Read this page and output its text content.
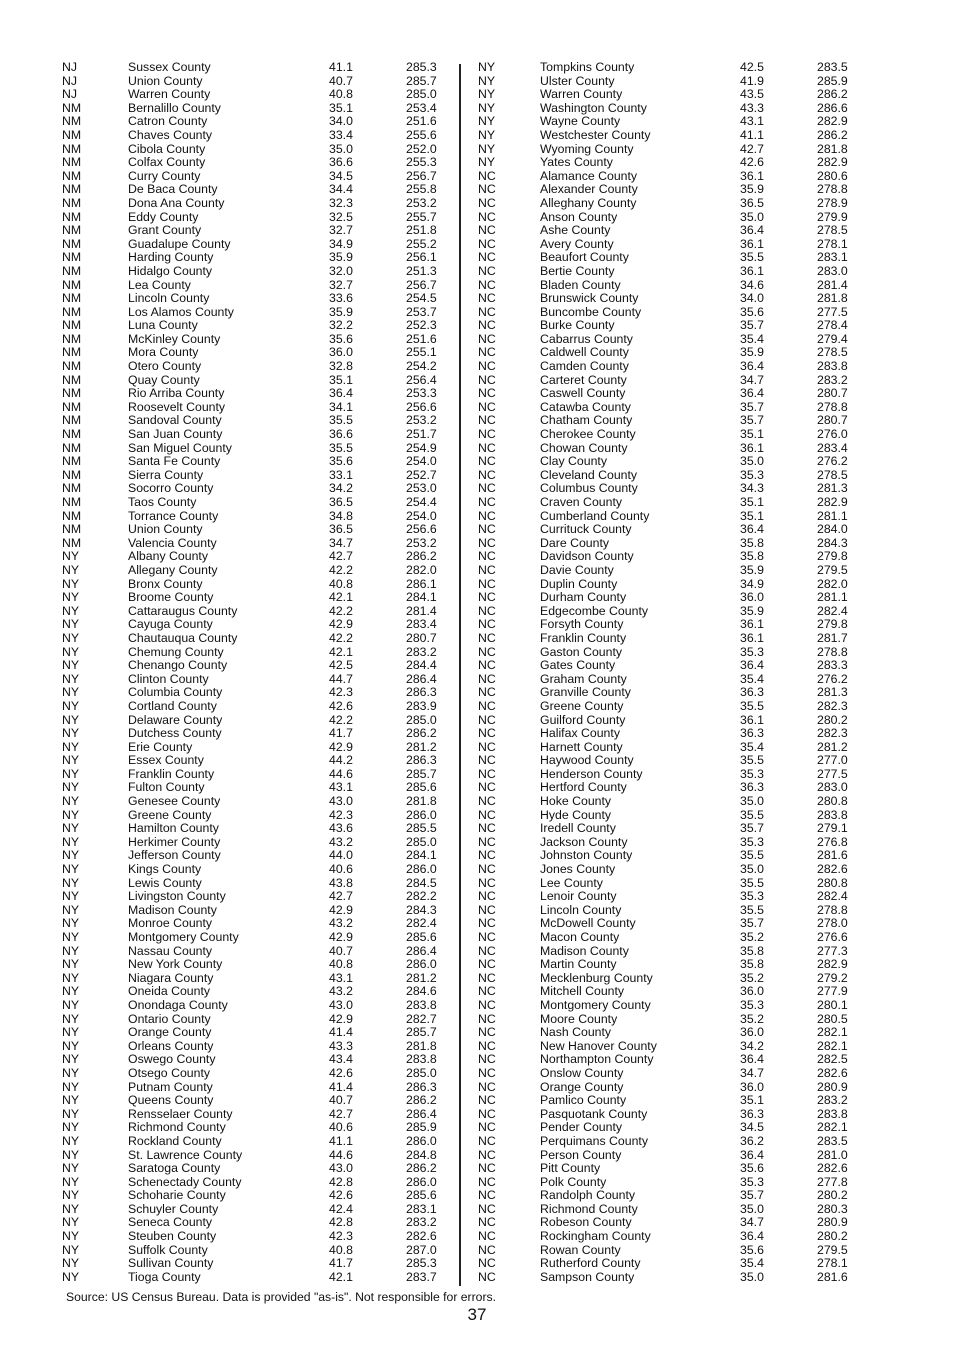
NJ	Sussex County	41.1	285.3
NJ	Union County	40.7	285.7
NJ	Warren County	40.8	285.0
NM	Bernalillo County	35.1	253.4
NM	Catron County	34.0	251.6
NM	Chaves County	33.4	255.6
NM	Cibola County	35.0	252.0
NM	Colfax County	36.6	255.3
NM	Curry County	34.5	256.7
NM	De Baca County	34.4	255.8
NM	Dona Ana County	32.3	253.2
NM	Eddy County	32.5	255.7
NM	Grant County	32.7	251.8
NM	Guadalupe County	34.9	255.2
NM	Harding County	35.9	256.1
NM	Hidalgo County	32.0	251.3
NM	Lea County	32.7	256.7
NM	Lincoln County	33.6	254.5
NM	Los Alamos County	35.9	253.7
NM	Luna County	32.2	252.3
NM	McKinley County	35.6	251.6
NM	Mora County	36.0	255.1
NM	Otero County	32.8	254.2
NM	Quay County	35.1	256.4
NM	Rio Arriba County	36.4	253.3
NM	Roosevelt County	34.1	256.6
NM	Sandoval County	35.5	253.2
NM	San Juan County	36.6	251.7
NM	San Miguel County	35.5	254.9
NM	Santa Fe County	35.6	254.0
NM	Sierra County	33.1	252.7
NM	Socorro County	34.2	253.0
NM	Taos County	36.5	254.4
NM	Torrance County	34.8	254.0
NM	Union County	36.5	256.6
NM	Valencia County	34.7	253.2
NY	Albany County	42.7	286.2
NY	Allegany County	42.2	282.0
NY	Bronx County	40.8	286.1
NY	Broome County	42.1	284.1
NY	Cattaraugus County	42.2	281.4
NY	Cayuga County	42.9	283.4
NY	Chautauqua County	42.2	280.7
NY	Chemung County	42.1	283.2
NY	Chenango County	42.5	284.4
NY	Clinton County	44.7	286.4
NY	Columbia County	42.3	286.3
NY	Cortland County	42.6	283.9
NY	Delaware County	42.2	285.0
NY	Dutchess County	41.7	286.2
NY	Erie County	42.9	281.2
NY	Essex County	44.2	286.3
NY	Franklin County	44.6	285.7
NY	Fulton County	43.1	285.6
NY	Genesee County	43.0	281.8
NY	Greene County	42.3	286.0
NY	Hamilton County	43.6	285.5
NY	Herkimer County	43.2	285.0
NY	Jefferson County	44.0	284.1
NY	Kings County	40.6	286.0
NY	Lewis County	43.8	284.5
NY	Livingston County	42.7	282.2
NY	Madison County	42.9	284.3
NY	Monroe County	43.2	282.4
NY	Montgomery County	42.9	285.6
NY	Nassau County	40.7	286.4
NY	New York County	40.8	286.0
NY	Niagara County	43.1	281.2
NY	Oneida County	43.2	284.6
NY	Onondaga County	43.0	283.8
NY	Ontario County	42.9	282.7
NY	Orange County	41.4	285.7
NY	Orleans County	43.3	281.8
NY	Oswego County	43.4	283.8
NY	Otsego County	42.6	285.0
NY	Putnam County	41.4	286.3
NY	Queens County	40.7	286.2
NY	Rensselaer County	42.7	286.4
NY	Richmond County	40.6	285.9
NY	Rockland County	41.1	286.0
NY	St. Lawrence County	44.6	284.8
NY	Saratoga County	43.0	286.2
NY	Schenectady County	42.8	286.0
NY	Schoharie County	42.6	285.6
NY	Schuyler County	42.4	283.1
NY	Seneca County	42.8	283.2
NY	Steuben County	42.3	282.6
NY	Suffolk County	40.8	287.0
NY	Sullivan County	41.7	285.3
NY	Tioga County	42.1	283.7
NY	Tompkins County	42.5	283.5
NY	Ulster County	41.9	285.9
NY	Warren County	43.5	286.2
NY	Washington County	43.3	286.6
NY	Wayne County	43.1	282.9
NY	Westchester County	41.1	286.2
NY	Wyoming County	42.7	281.8
NY	Yates County	42.6	282.9
NC	Alamance County	36.1	280.6
NC	Alexander County	35.9	278.8
NC	Alleghany County	36.5	278.9
NC	Anson County	35.0	279.9
NC	Ashe County	36.4	278.5
NC	Avery County	36.1	278.1
NC	Beaufort County	35.5	283.1
NC	Bertie County	36.1	283.0
NC	Bladen County	34.6	281.4
NC	Brunswick County	34.0	281.8
NC	Buncombe County	35.6	277.5
NC	Burke County	35.7	278.4
NC	Cabarrus County	35.4	279.4
NC	Caldwell County	35.9	278.5
NC	Camden County	36.4	283.8
NC	Carteret County	34.7	283.2
NC	Caswell County	36.4	280.7
NC	Catawba County	35.7	278.8
NC	Chatham County	35.7	280.7
NC	Cherokee County	35.1	276.0
NC	Chowan County	36.1	283.4
NC	Clay County	35.0	276.2
NC	Cleveland County	35.3	278.5
NC	Columbus County	34.3	281.3
NC	Craven County	35.1	282.9
NC	Cumberland County	35.1	281.1
NC	Currituck County	36.4	284.0
NC	Dare County	35.8	284.3
NC	Davidson County	35.8	279.8
NC	Davie County	35.9	279.5
NC	Duplin County	34.9	282.0
NC	Durham County	36.0	281.1
NC	Edgecombe County	35.9	282.4
NC	Forsyth County	36.1	279.8
NC	Franklin County	36.1	281.7
NC	Gaston County	35.3	278.8
NC	Gates County	36.4	283.3
NC	Graham County	35.4	276.2
NC	Granville County	36.3	281.3
NC	Greene County	35.5	282.3
NC	Guilford County	36.1	280.2
NC	Halifax County	36.3	282.3
NC	Harnett County	35.4	281.2
NC	Haywood County	35.5	277.0
NC	Henderson County	35.3	277.5
NC	Hertford County	36.3	283.0
NC	Hoke County	35.0	280.8
NC	Hyde County	35.5	283.8
NC	Iredell County	35.7	279.1
NC	Jackson County	35.3	276.8
NC	Johnston County	35.5	281.6
NC	Jones County	35.0	282.6
NC	Lee County	35.5	280.8
NC	Lenoir County	35.3	282.4
NC	Lincoln County	35.5	278.8
NC	McDowell County	35.7	278.0
NC	Macon County	35.2	276.6
NC	Madison County	35.8	277.3
NC	Martin County	35.8	282.9
NC	Mecklenburg County	35.2	279.2
NC	Mitchell County	36.0	277.9
NC	Montgomery County	35.3	280.1
NC	Moore County	35.2	280.5
NC	Nash County	36.0	282.1
NC	New Hanover County	34.2	282.1
NC	Northampton County	36.4	282.5
NC	Onslow County	34.7	282.6
NC	Orange County	36.0	280.9
NC	Pamlico County	35.1	283.2
NC	Pasquotank County	36.3	283.8
NC	Pender County	34.5	282.1
NC	Perquimans County	36.2	283.5
NC	Person County	36.4	281.0
NC	Pitt County	35.6	282.6
NC	Polk County	35.3	277.8
NC	Randolph County	35.7	280.2
NC	Richmond County	35.0	280.3
NC	Robeson County	34.7	280.9
NC	Rockingham County	36.4	280.2
NC	Rowan County	35.6	279.5
NC	Rutherford County	35.4	278.1
NC	Sampson County	35.0	281.6
Source: US Census Bureau. Data is provided "as-is". Not responsible for errors.
37
